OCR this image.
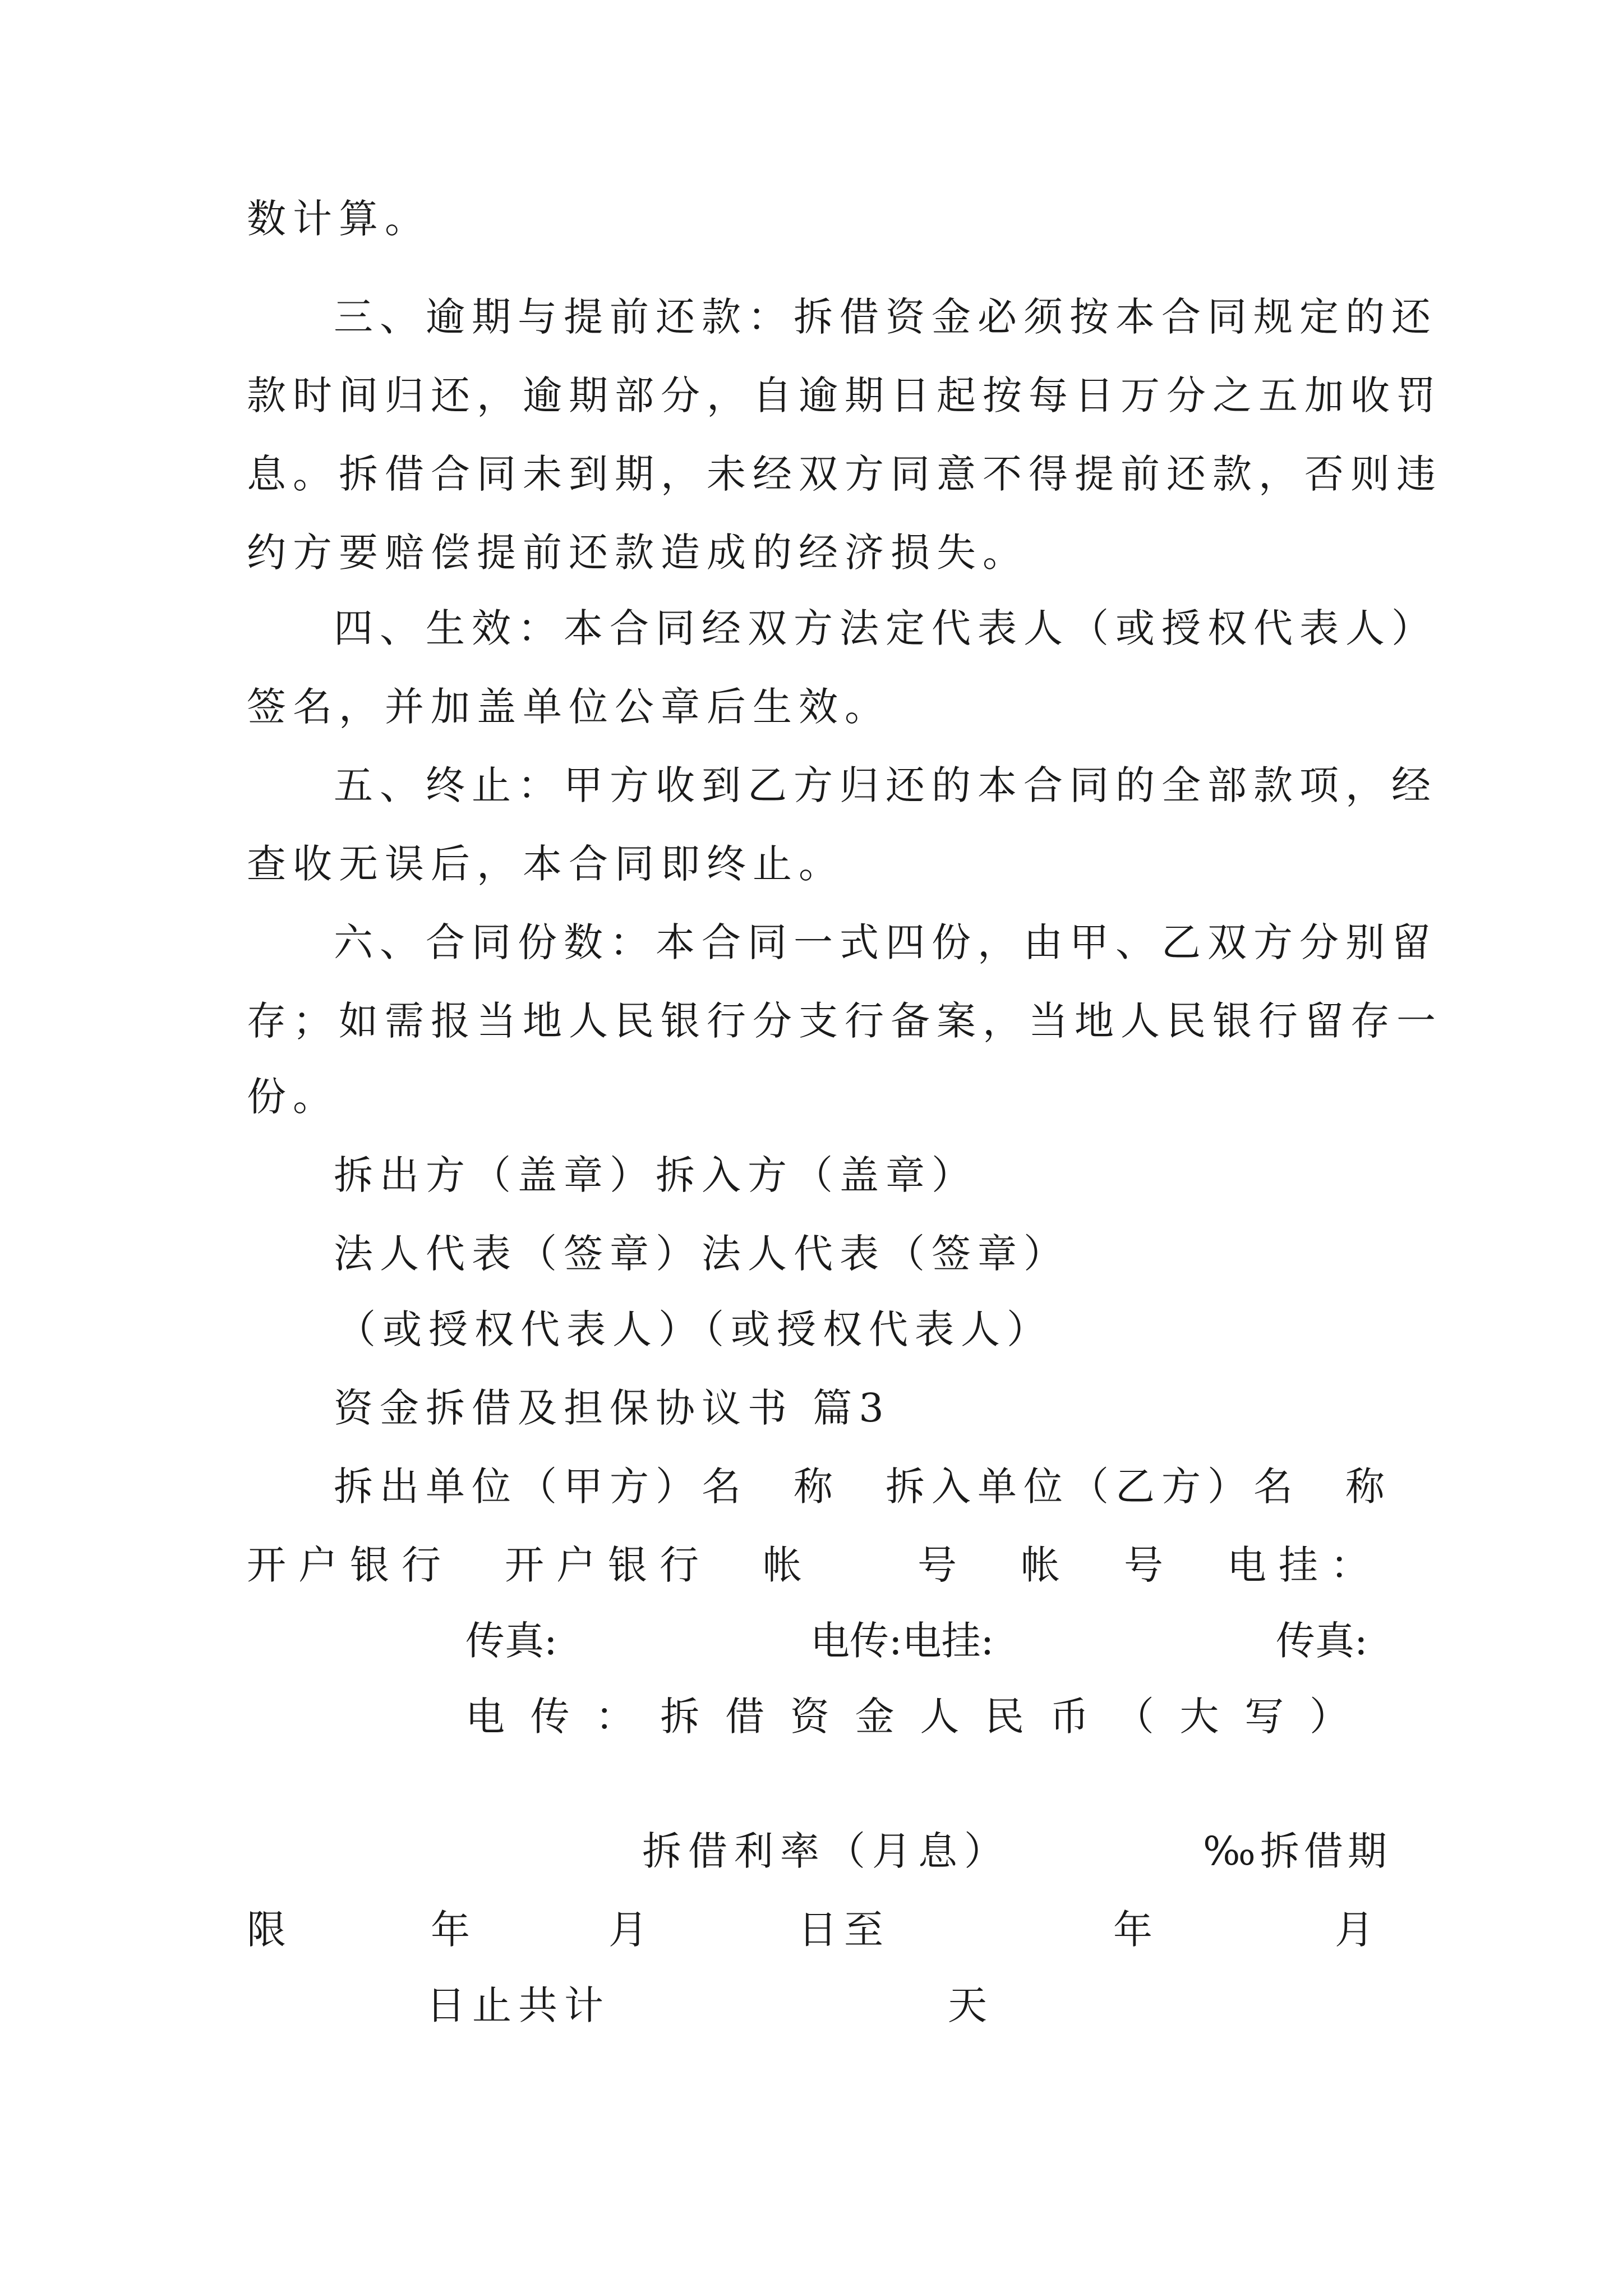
数计算。
三、逾期与提前还款：拆借资金必须按本合同规定的还
款时间归还，逾期部分，自逾期日起按每日万分之五加收罚
息。拆借合同未到期，未经双方同意不得提前还款，否则违
约方要赔偿提前还款造成的经济损失。
四、生效：本合同经双方法定代表人（或授权代表人）
签名，并加盖单位公章后生效。
五、终止：甲方收到乙方归还的本合同的全部款项，经
查收无误后，本合同即终止。
六、合同份数：本合同一式四份，由甲、乙双方分别留
存；如需报当地人民银行分支行备案，当地人民银行留存一
份。
拆出方（盖章）拆入方（盖章）
法人代表（签章）法人代表（签章）
（或授权代表人）（或授权代表人）
资金拆借及担保协议书 篇3
拆出单位（甲方）名　称　拆入单位（乙方）名　称
开户银行　开户银行　帐　　号　帐　号　电挂：
传真:	电传:电挂:	传真:
电传：拆借资金人民币（大写）
拆借利率（月息）	‰拆借期
限	年	月	日至	年	月
日止共计	天
